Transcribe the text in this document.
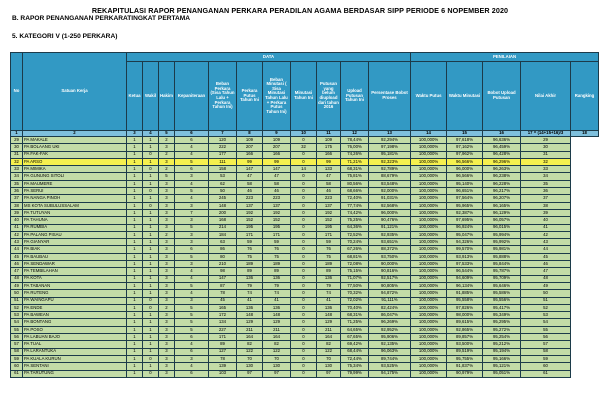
REKAPITULASI RAPOR PENANGANAN PERKARA PERADILAN AGAMA BERDASAR SIPP PERIODE 6 NOPEMBER 2020
B. RAPOR PENANGANAN PERKARATINGKAT PERTAMA
5. KATEGORI V (1-250 PERKARA)
No	Satuan Kerja	DATA											PENILAIAN				
		Ketua	Wakil	Hakim	Kepaniteraan	Beban Perkara (Sisa Tahun Lalu + Perkara Tahun Ini)	Perkara Putus Tahun Ini	Beban Minutasi ( Sisa Minutasi Tahun Lalu + Perkara Putus Tahun Ini)	Minutasi Tahun Ini	Putusan yang belum diupload dari tahun 2016	Upload Putusan Tahun Ini	Persentase Bobot Proses	Waktu Putus	Waktu Minutasi	Bobot Upload Putusan	Nilai Akhir	Rangking
1	2	3	4	5	6	7	8	9	10	11	12	13	14	15	16	17 = (14+15+16)/3	18
29	PA MAKALE	1	1	2	6	120	109	109	0	109	78,44%	92,294%	100,000%	97,618%	96,636%	29	
30	PA BOLAANG UKI	1	1	3	4	222	207	207	32	175	76,00%	97,198%	100,000%	97,162%	96,459%	30	
31	PA FAK-FAK	1	0	2	4	177	166	166	0	166	74,26%	95,181%	100,000%	97,962%	96,428%	31	
32	PA ARSO	1	1	3	5	111	99	99	0	99	71,21%	92,323%	100,000%	96,566%	96,296%	32	
33	PA MIMIKA	1	0	2	6	158	147	147	14	133	68,31%	92,789%	100,000%	96,000%	96,263%	33	
34	PA GUNUNG SITOLI	1	1	5	3	53	47	47	0	47	75,81%	88,679%	100,000%	96,566%	96,238%	34	
35	PA MAUMERE	1	1	3	4	62	58	58	0	58	80,56%	93,548%	100,000%	95,140%	96,228%	35	
36	PA SERUI	1	0	3	5	50	46	46	0	46	68,66%	92,000%	100,000%	96,651%	96,217%	36	
37	PA NANGA PINOH	1	1	3	4	245	223	223	0	223	72,40%	91,031%	100,000%	97,564%	96,207%	37	
38	MS KOTA SUBULUSSALAM	1	0	3	3	148	137	137	0	137	77,74%	92,568%	100,000%	95,965%	96,165%	38	
39	PA TUTUYAN	1	1	3	7	200	192	192	0	192	74,42%	96,000%	100,000%	92,387%	96,129%	39	
40	PA TAHUNA	1	1	3	3	168	152	152	0	152	75,25%	90,476%	100,000%	97,695%	96,057%	40	
41	PA RUMBIA	1	1	3	5	214	195	195	0	195	64,36%	91,121%	100,000%	96,924%	96,015%	41	
42	PA PALANG PISAU	1	1	2	3	184	171	171	0	171	72,52%	92,935%	100,000%	95,047%	95,994%	42	
43	PA GIANYAR	1	1	3	3	63	59	59	0	59	70,24%	93,651%	100,000%	94,326%	95,992%	43	
44	PA BIAK	1	1	3	6	86	76	76	0	76	67,26%	88,372%	100,000%	99,570%	95,981%	44	
45	PA BAUBAU	1	1	3	5	80	75	75	0	75	68,81%	93,750%	100,000%	93,913%	95,888%	45	
46	PA SENDAWAR	1	1	3	3	210	189	189	0	189	72,08%	90,000%	100,000%	97,533%	95,844%	46	
47	PA TEMBILAHAN	1	1	3	4	98	89	89	0	89	75,15%	90,816%	100,000%	96,544%	95,787%	47	
48	PA KOTA	1	1	3	4	147	136	136	0	136	71,07%	92,517%	100,000%	94,609%	95,709%	48	
49	PA TABANAN	1	1	3	5	87	79	79	0	79	77,50%	90,805%	100,000%	96,134%	95,646%	49	
50	PA RUTENG	1	1	3	4	78	74	74	0	74	70,32%	94,872%	100,000%	91,885%	95,586%	50	
51	PA WAINGAPU	1	0	3	3	45	41	41	0	41	72,02%	91,111%	100,000%	95,558%	95,556%	51	
52	PA ENDE	1	0	2	5	165	136	136	0	136	70,40%	82,424%	100,000%	97,826%	95,417%	52	
53	PA BAWEAN	1	1	3	5	172	148	148	0	148	68,31%	86,047%	100,000%	98,000%	95,349%	53	
54	PA BONTANG	1	1	3	5	134	129	129	0	129	71,25%	96,269%	100,000%	89,615%	95,295%	54	
55	PA POSO	1	1	3	5	227	211	211	0	211	64,65%	92,952%	100,000%	92,865%	95,272%	55	
56	PA LABUAN BAJO	1	1	3	6	171	164	164	0	164	67,65%	95,906%	100,000%	89,857%	95,254%	56	
57	PA TUAL	1	1	3	4	89	82	82	0	82	69,42%	92,135%	100,000%	93,500%	95,212%	57	
58	PA LARANTUKA	1	1	3	6	127	122	122	0	122	68,44%	96,063%	100,000%	89,519%	95,194%	58	
59	PA KUALA KURUN	1	0	3	3	78	70	70	0	70	72,44%	89,744%	100,000%	95,755%	95,166%	59	
60	PA SENTANI	1	1	3	4	139	130	130	0	130	75,34%	93,525%	100,000%	91,837%	95,121%	60	
61	PA TARUTUNG	1	0	3	6	103	97	97	0	97	79,99%	94,175%	100,000%	90,979%	95,051%	61	
